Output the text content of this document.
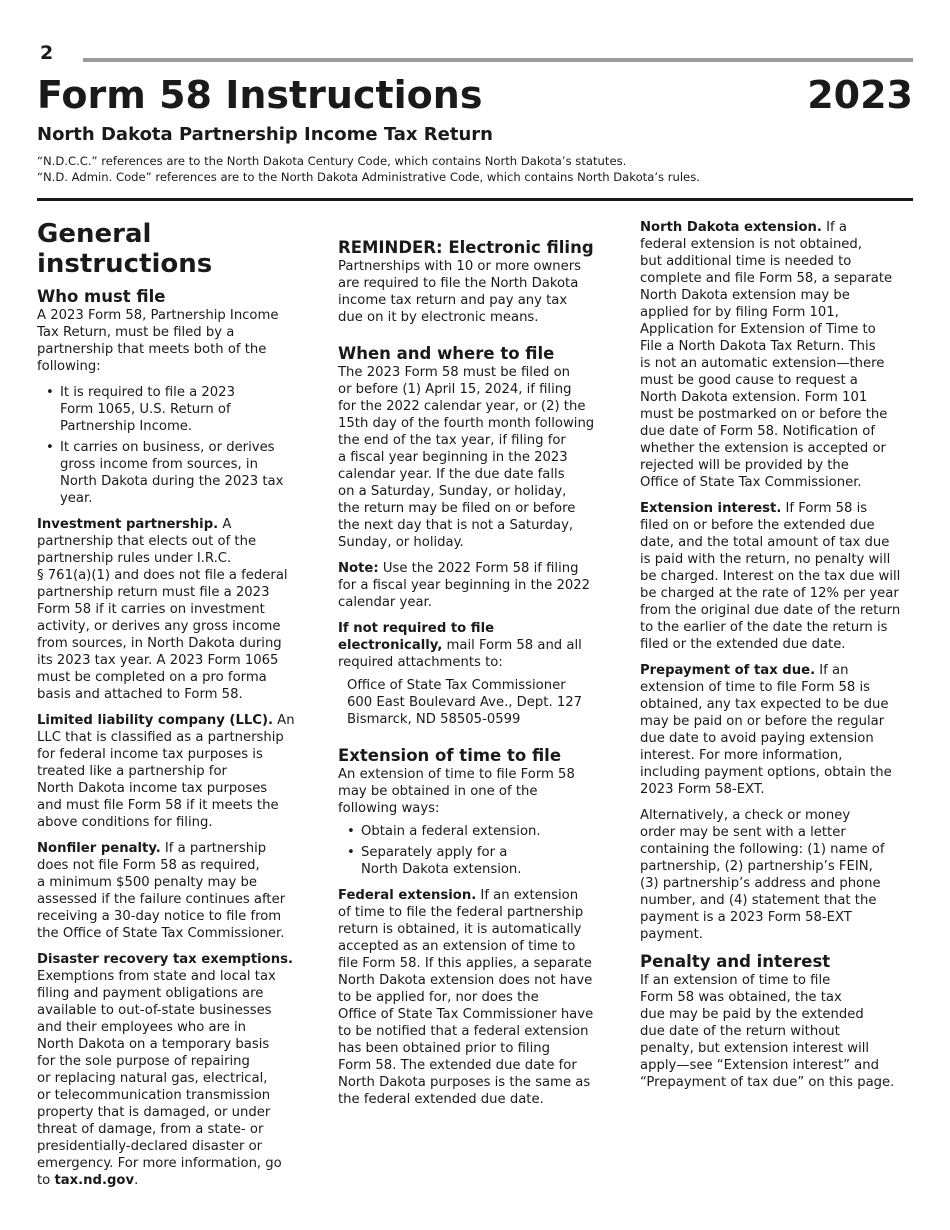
2
Form 58 Instructions	2023
North Dakota Partnership Income Tax Return
“N.D.C.C.” references are to the North Dakota Century Code, which contains North Dakota’s statutes.
“N.D. Admin. Code” references are to the North Dakota Administrative Code, which contains North Dakota’s rules.
General
instructions
Who must file

A 2023 Form 58, Partnership Income
Tax Return, must be filed by a
partnership that meets both of the
following:

• It is required to file a 2023
Form 1065, U.S. Return of
Partnership Income.
• It carries on business, or derives
gross income from sources, in
North Dakota during the 2023 tax
year.

Investment partnership. A
partnership that elects out of the
partnership rules under I.R.C.
§ 761(a)(1) and does not file a federal
partnership return must file a 2023
Form 58 if it carries on investment
activity, or derives any gross income
from sources, in North Dakota during
its 2023 tax year. A 2023 Form 1065
must be completed on a pro forma
basis and attached to Form 58.

Limited liability company (LLC). An
LLC that is classified as a partnership
for federal income tax purposes is
treated like a partnership for
North Dakota income tax purposes
and must file Form 58 if it meets the
above conditions for filing.

Nonfiler penalty. If a partnership
does not file Form 58 as required,
a minimum $500 penalty may be
assessed if the failure continues after
receiving a 30-day notice to file from
the Office of State Tax Commissioner.

Disaster recovery tax exemptions.
Exemptions from state and local tax
filing and payment obligations are
available to out-of-state businesses
and their employees who are in
North Dakota on a temporary basis
for the sole purpose of repairing
or replacing natural gas, electrical,
or telecommunication transmission
property that is damaged, or under
threat of damage, from a state- or
presidentially-declared disaster or
emergency. For more information, go
to tax.nd.gov.

REMINDER: Electronic filing

Partnerships with 10 or more owners
are required to file the North Dakota
income tax return and pay any tax
due on it by electronic means.

When and where to file

The 2023 Form 58 must be filed on
or before (1) April 15, 2024, if filing
for the 2022 calendar year, or (2) the
15th day of the fourth month following
the end of the tax year, if filing for
a fiscal year beginning in the 2023
calendar year. If the due date falls
on a Saturday, Sunday, or holiday,
the return may be filed on or before
the next day that is not a Saturday,
Sunday, or holiday.

Note: Use the 2022 Form 58 if filing
for a fiscal year beginning in the 2022
calendar year.

If not required to file
electronically, mail Form 58 and all
required attachments to:

Office of State Tax Commissioner
600 East Boulevard Ave., Dept. 127
Bismarck, ND 58505-0599
Extension of time to file

An extension of time to file Form 58
may be obtained in one of the
following ways:

• Obtain a federal extension.
• Separately apply for a
North Dakota extension.

Federal extension. If an extension
of time to file the federal partnership
return is obtained, it is automatically
accepted as an extension of time to
file Form 58. If this applies, a separate
North Dakota extension does not have
to be applied for, nor does the
Office of State Tax Commissioner have
to be notified that a federal extension
has been obtained prior to filing
Form 58. The extended due date for
North Dakota purposes is the same as
the federal extended due date.

North Dakota extension. If a
federal extension is not obtained,
but additional time is needed to
complete and file Form 58, a separate
North Dakota extension may be
applied for by filing Form 101,
Application for Extension of Time to
File a North Dakota Tax Return. This
is not an automatic extension—there
must be good cause to request a
North Dakota extension. Form 101
must be postmarked on or before the
due date of Form 58. Notification of
whether the extension is accepted or
rejected will be provided by the
Office of State Tax Commissioner.

Extension interest. If Form 58 is
filed on or before the extended due
date, and the total amount of tax due
is paid with the return, no penalty will
be charged. Interest on the tax due will
be charged at the rate of 12% per year
from the original due date of the return
to the earlier of the date the return is
filed or the extended due date.

Prepayment of tax due. If an
extension of time to file Form 58 is
obtained, any tax expected to be due
may be paid on or before the regular
due date to avoid paying extension
interest. For more information,
including payment options, obtain the
2023 Form 58-EXT.

Alternatively, a check or money
order may be sent with a letter
containing the following: (1) name of
partnership, (2) partnership’s FEIN,
(3) partnership’s address and phone
number, and (4) statement that the
payment is a 2023 Form 58-EXT
payment.

Penalty and interest

If an extension of time to file
Form 58 was obtained, the tax
due may be paid by the extended
due date of the return without
penalty, but extension interest will
apply—see “Extension interest” and
“Prepayment of tax due” on this page.
